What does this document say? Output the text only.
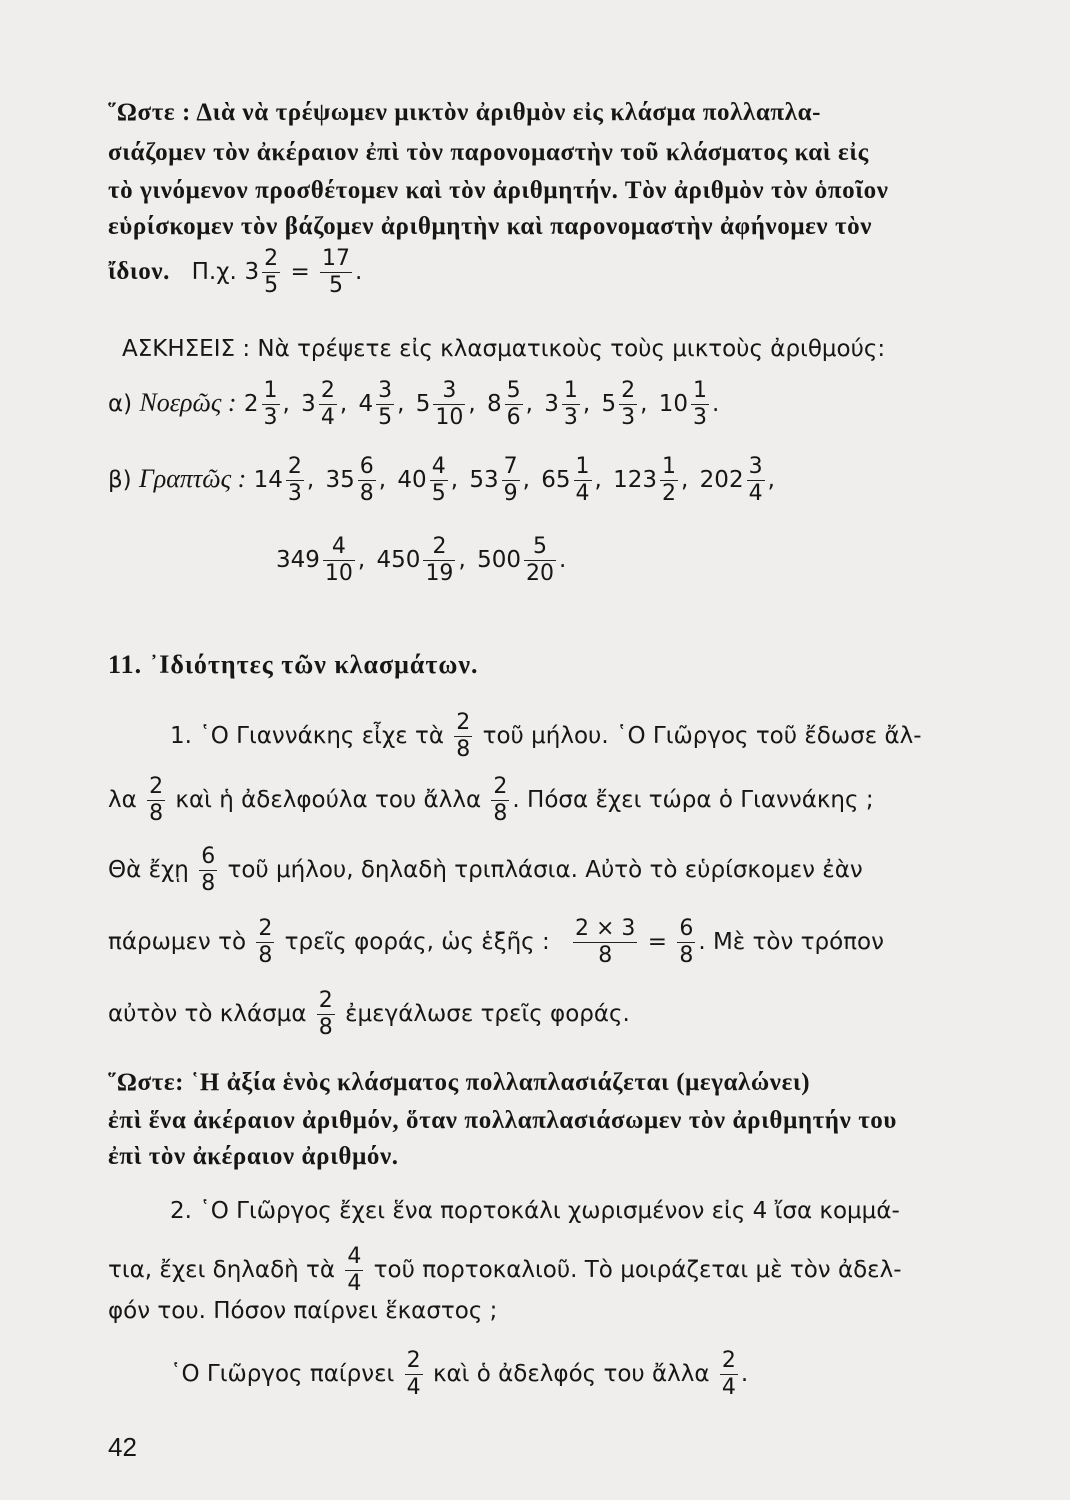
῞Ωστε : Διὰ νὰ τρέψωμεν μικτὸν ἀριθμὸν εἰς κλάσμα πολλαπλα-
σιάζομεν τὸν ἀκέραιον ἐπὶ τὸν παρονομαστὴν τοῦ κλάσματος καὶ εἰς
τὸ γινόμενον προσθέτομεν καὶ τὸν ἀριθμητήν. Τὸν ἀριθμὸν τὸν ὁποῖον
εὑρίσκομεν τὸν βάζομεν ἀριθμητὴν καὶ παρονομαστὴν ἀφήνομεν τὸν
ἴδιον. Π.χ. $3 \frac{2}{5} = \frac{17}{5}$ .
ΑΣΚΗΣΕΙΣ : Νὰ τρέψετε εἰς κλασματικοὺς τοὺς μικτοὺς ἀριθμούς:
α) Νοερῶς : $2 \frac{1}{3}$ , $3 \frac{2}{4}$ , $4 \frac{3}{5}$ , $5 \frac{3}{10}$ , $8 \frac{5}{6}$ , $3 \frac{1}{3}$ , $5 \frac{2}{3}$ , $10 \frac{1}{3}$ .
β) Γραπτῶς : $14 \frac{2}{3}$ , $35 \frac{6}{8}$ , $40 \frac{4}{5}$ , $53 \frac{7}{9}$ , $65 \frac{1}{4}$ , $123 \frac{1}{2}$ , $202 \frac{3}{4}$ ,
$349 \frac{4}{10}$ , $450 \frac{2}{19}$ , $500 \frac{5}{20}$ .
11. ᾿Ιδιότητες τῶν κλασμάτων.
1. ῾Ο Γιαννάκης εἶχε τὰ $\frac{2}{8}$ τοῦ μήλου. ῾Ο Γιῶργος τοῦ ἔδωσε ἄλ-
λα $\frac{2}{8}$ καὶ ἡ ἀδελφούλα του ἄλλα $\frac{2}{8}$ . Πόσα ἔχει τώρα ὁ Γιαννάκης ;
Θὰ ἔχῃ $\frac{6}{8}$ τοῦ μήλου, δηλαδὴ τριπλάσια. Αὐτὸ τὸ εὑρίσκομεν ἐὰν
πάρωμεν τὸ $\frac{2}{8}$ τρεῖς φοράς, ὡς ἑξῆς : $\frac{2 \times 3}{8} = \frac{6}{8}$ . Μὲ τὸν τρόπον
αὐτὸν τὸ κλάσμα $\frac{2}{8}$ ἐμεγάλωσε τρεῖς φοράς.
῞Ωστε: ῾Η ἀξία ἑνὸς κλάσματος πολλαπλασιάζεται (μεγαλώνει)
ἐπὶ ἕνα ἀκέραιον ἀριθμόν, ὅταν πολλαπλασιάσωμεν τὸν ἀριθμητήν του
ἐπὶ τὸν ἀκέραιον ἀριθμόν.
2. ῾Ο Γιῶργος ἔχει ἕνα πορτοκάλι χωρισμένον εἰς 4 ἴσα κομμά-
τια, ἔχει δηλαδὴ τὰ $\frac{4}{4}$ τοῦ πορτοκαλιοῦ. Τὸ μοιράζεται μὲ τὸν ἀδελ-
φόν του. Πόσον παίρνει ἕκαστος ;
῾Ο Γιῶργος παίρνει $\frac{2}{4}$ καὶ ὁ ἀδελφός του ἄλλα $\frac{2}{4}$ .
42
